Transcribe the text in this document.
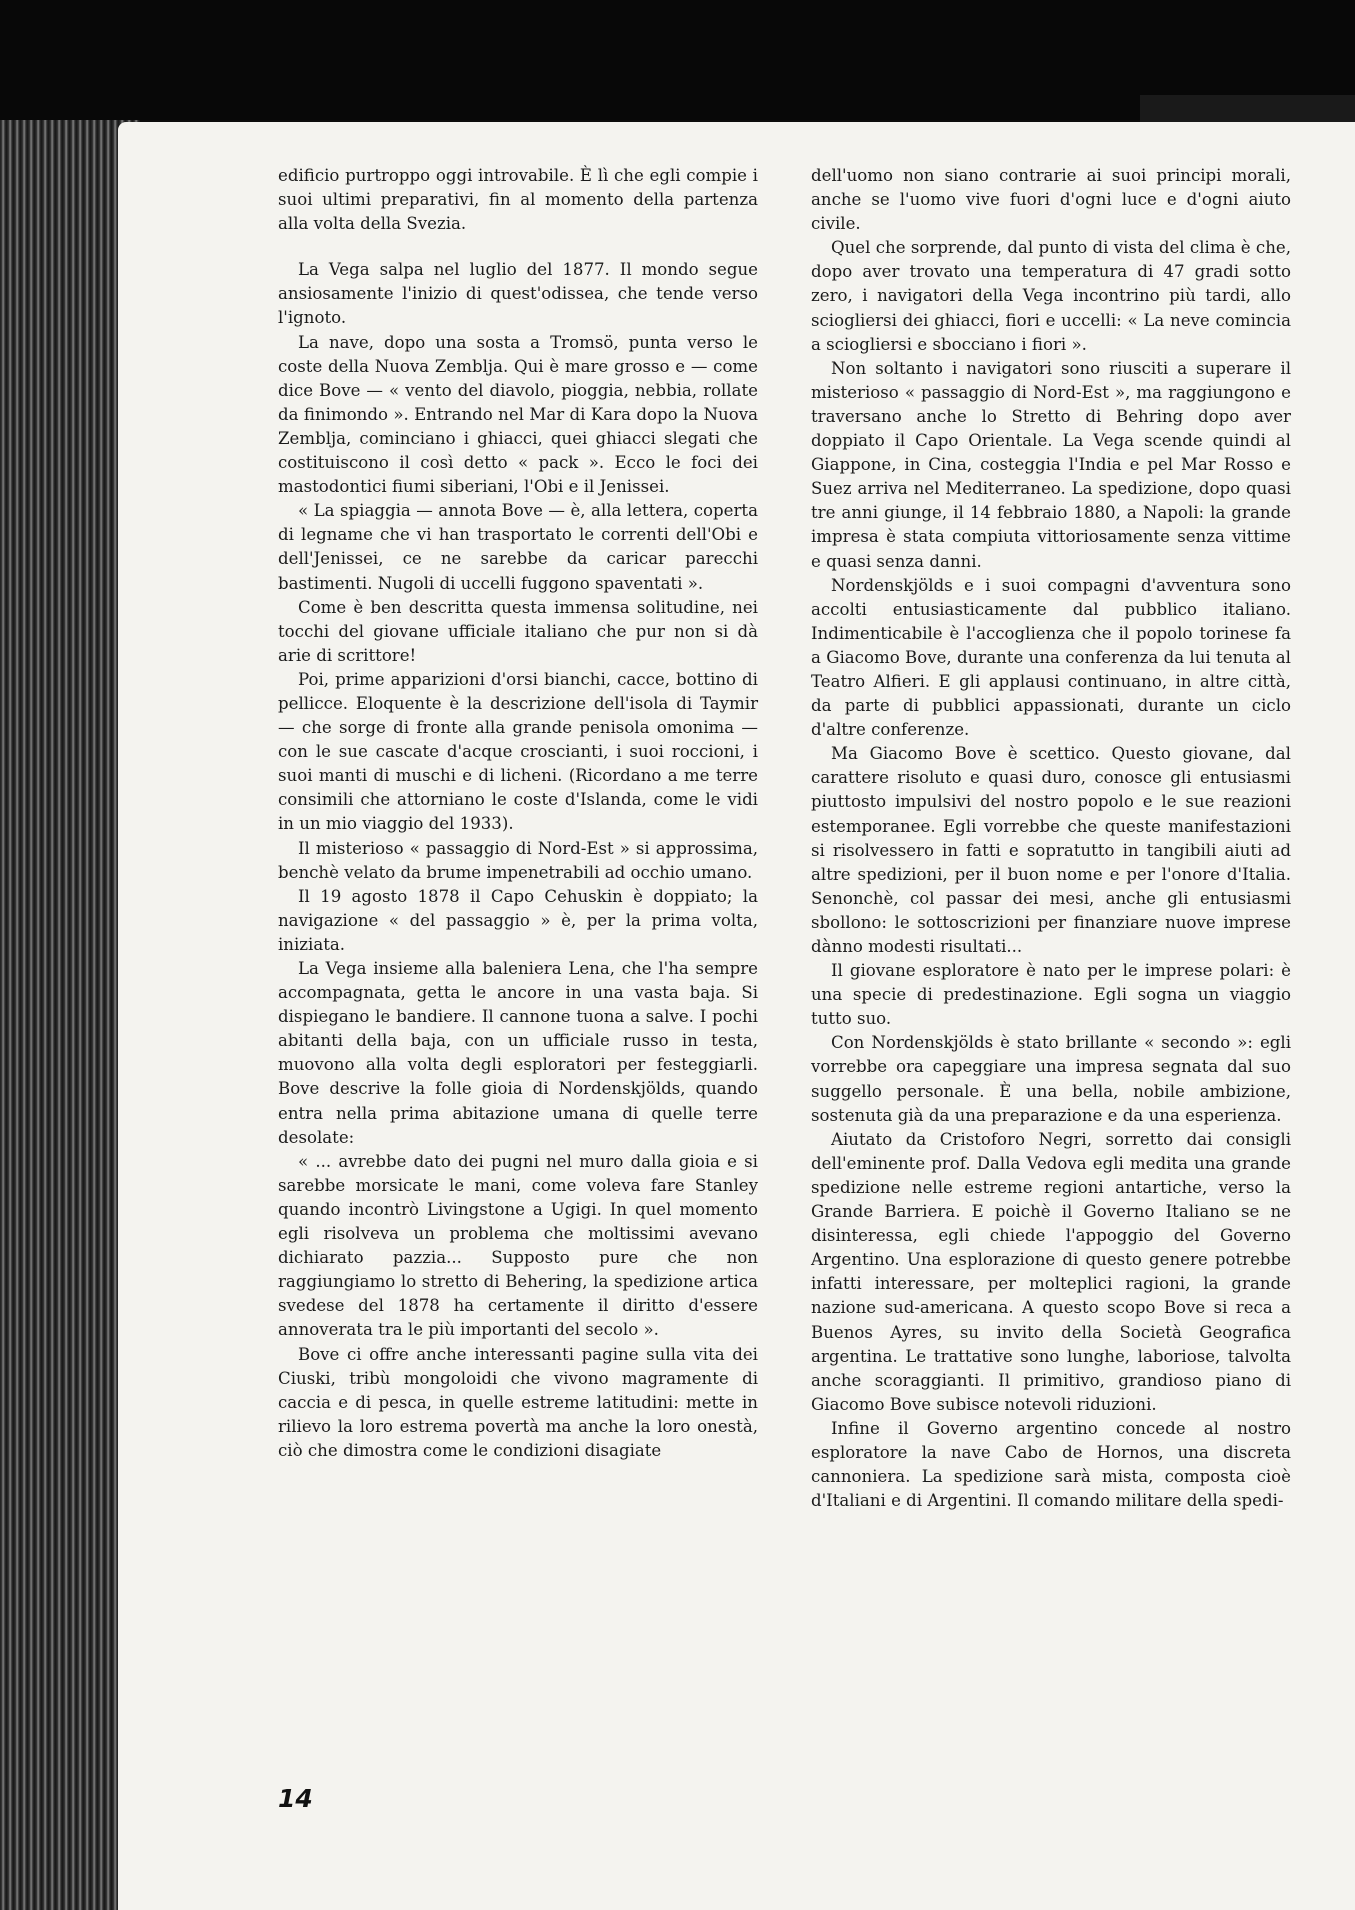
edificio purtroppo oggi introvabile. È lì che egli compie i suoi ultimi preparativi, fin al momento della partenza alla volta della Svezia.

La Vega salpa nel luglio del 1877. Il mondo segue ansiosamente l'inizio di quest'odissea, che tende verso l'ignoto.

La nave, dopo una sosta a Tromsö, punta verso le coste della Nuova Zemblja. Qui è mare grosso e — come dice Bove — « vento del diavolo, pioggia, nebbia, rollate da finimondo ». Entrando nel Mar di Kara dopo la Nuova Zemblja, cominciano i ghiacci, quei ghiacci slegati che costituiscono il così detto « pack ». Ecco le foci dei mastodontici fiumi siberiani, l'Obi e il Jenissei.

« La spiaggia — annota Bove — è, alla lettera, coperta di legname che vi han trasportato le correnti dell'Obi e dell'Jenissei, ce ne sarebbe da caricar parecchi bastimenti. Nugoli di uccelli fuggono spaventati ».

Come è ben descritta questa immensa solitudine, nei tocchi del giovane ufficiale italiano che pur non si dà arie di scrittore!

Poi, prime apparizioni d'orsi bianchi, cacce, bottino di pellicce. Eloquente è la descrizione dell'isola di Taymir — che sorge di fronte alla grande penisola omonima — con le sue cascate d'acque croscianti, i suoi roccioni, i suoi manti di muschi e di licheni. (Ricordano a me terre consimili che attorniano le coste d'Islanda, come le vidi in un mio viaggio del 1933).

Il misterioso « passaggio di Nord-Est » si approssima, benchè velato da brume impenetrabili ad occhio umano.

Il 19 agosto 1878 il Capo Cehuskin è doppiato; la navigazione « del passaggio » è, per la prima volta, iniziata.

La Vega insieme alla baleniera Lena, che l'ha sempre accompagnata, getta le ancore in una vasta baja. Si dispiegano le bandiere. Il cannone tuona a salve. I pochi abitanti della baja, con un ufficiale russo in testa, muovono alla volta degli esploratori per festeggiarli. Bove descrive la folle gioia di Nordenskjölds, quando entra nella prima abitazione umana di quelle terre desolate:

« ... avrebbe dato dei pugni nel muro dalla gioia e si sarebbe morsicate le mani, come voleva fare Stanley quando incontrò Livingstone a Ugigi. In quel momento egli risolveva un problema che moltissimi avevano dichiarato pazzia... Supposto pure che non raggiungiamo lo stretto di Behering, la spedizione artica svedese del 1878 ha certamente il diritto d'essere annoverata tra le più importanti del secolo ».

Bove ci offre anche interessanti pagine sulla vita dei Ciuski, tribù mongoloidi che vivono magramente di caccia e di pesca, in quelle estreme latitudini: mette in rilievo la loro estrema povertà ma anche la loro onestà, ciò che dimostra come le condizioni disagiate

dell'uomo non siano contrarie ai suoi principi morali, anche se l'uomo vive fuori d'ogni luce e d'ogni aiuto civile.

Quel che sorprende, dal punto di vista del clima è che, dopo aver trovato una temperatura di 47 gradi sotto zero, i navigatori della Vega incontrino più tardi, allo sciogliersi dei ghiacci, fiori e uccelli: « La neve comincia a sciogliersi e sbocciano i fiori ».

Non soltanto i navigatori sono riusciti a superare il misterioso « passaggio di Nord-Est », ma raggiungono e traversano anche lo Stretto di Behring dopo aver doppiato il Capo Orientale. La Vega scende quindi al Giappone, in Cina, costeggia l'India e pel Mar Rosso e Suez arriva nel Mediterraneo. La spedizione, dopo quasi tre anni giunge, il 14 febbraio 1880, a Napoli: la grande impresa è stata compiuta vittoriosamente senza vittime e quasi senza danni.

Nordenskjölds e i suoi compagni d'avventura sono accolti entusiasticamente dal pubblico italiano. Indimenticabile è l'accoglienza che il popolo torinese fa a Giacomo Bove, durante una conferenza da lui tenuta al Teatro Alfieri. E gli applausi continuano, in altre città, da parte di pubblici appassionati, durante un ciclo d'altre conferenze.

Ma Giacomo Bove è scettico. Questo giovane, dal carattere risoluto e quasi duro, conosce gli entusiasmi piuttosto impulsivi del nostro popolo e le sue reazioni estemporanee. Egli vorrebbe che queste manifestazioni si risolvessero in fatti e sopratutto in tangibili aiuti ad altre spedizioni, per il buon nome e per l'onore d'Italia. Senonchè, col passar dei mesi, anche gli entusiasmi sbollono: le sottoscrizioni per finanziare nuove imprese dànno modesti risultati...

Il giovane esploratore è nato per le imprese polari: è una specie di predestinazione. Egli sogna un viaggio tutto suo.

Con Nordenskjölds è stato brillante « secondo »: egli vorrebbe ora capeggiare una impresa segnata dal suo suggello personale. È una bella, nobile ambizione, sostenuta già da una preparazione e da una esperienza.

Aiutato da Cristoforo Negri, sorretto dai consigli dell'eminente prof. Dalla Vedova egli medita una grande spedizione nelle estreme regioni antartiche, verso la Grande Barriera. E poichè il Governo Italiano se ne disinteressa, egli chiede l'appoggio del Governo Argentino. Una esplorazione di questo genere potrebbe infatti interessare, per molteplici ragioni, la grande nazione sud-americana. A questo scopo Bove si reca a Buenos Ayres, su invito della Società Geografica argentina. Le trattative sono lunghe, laboriose, talvolta anche scoraggianti. Il primitivo, grandioso piano di Giacomo Bove subisce notevoli riduzioni.

Infine il Governo argentino concede al nostro esploratore la nave Cabo de Hornos, una discreta cannoniera. La spedizione sarà mista, composta cioè d'Italiani e di Argentini. Il comando militare della spedi-

14
